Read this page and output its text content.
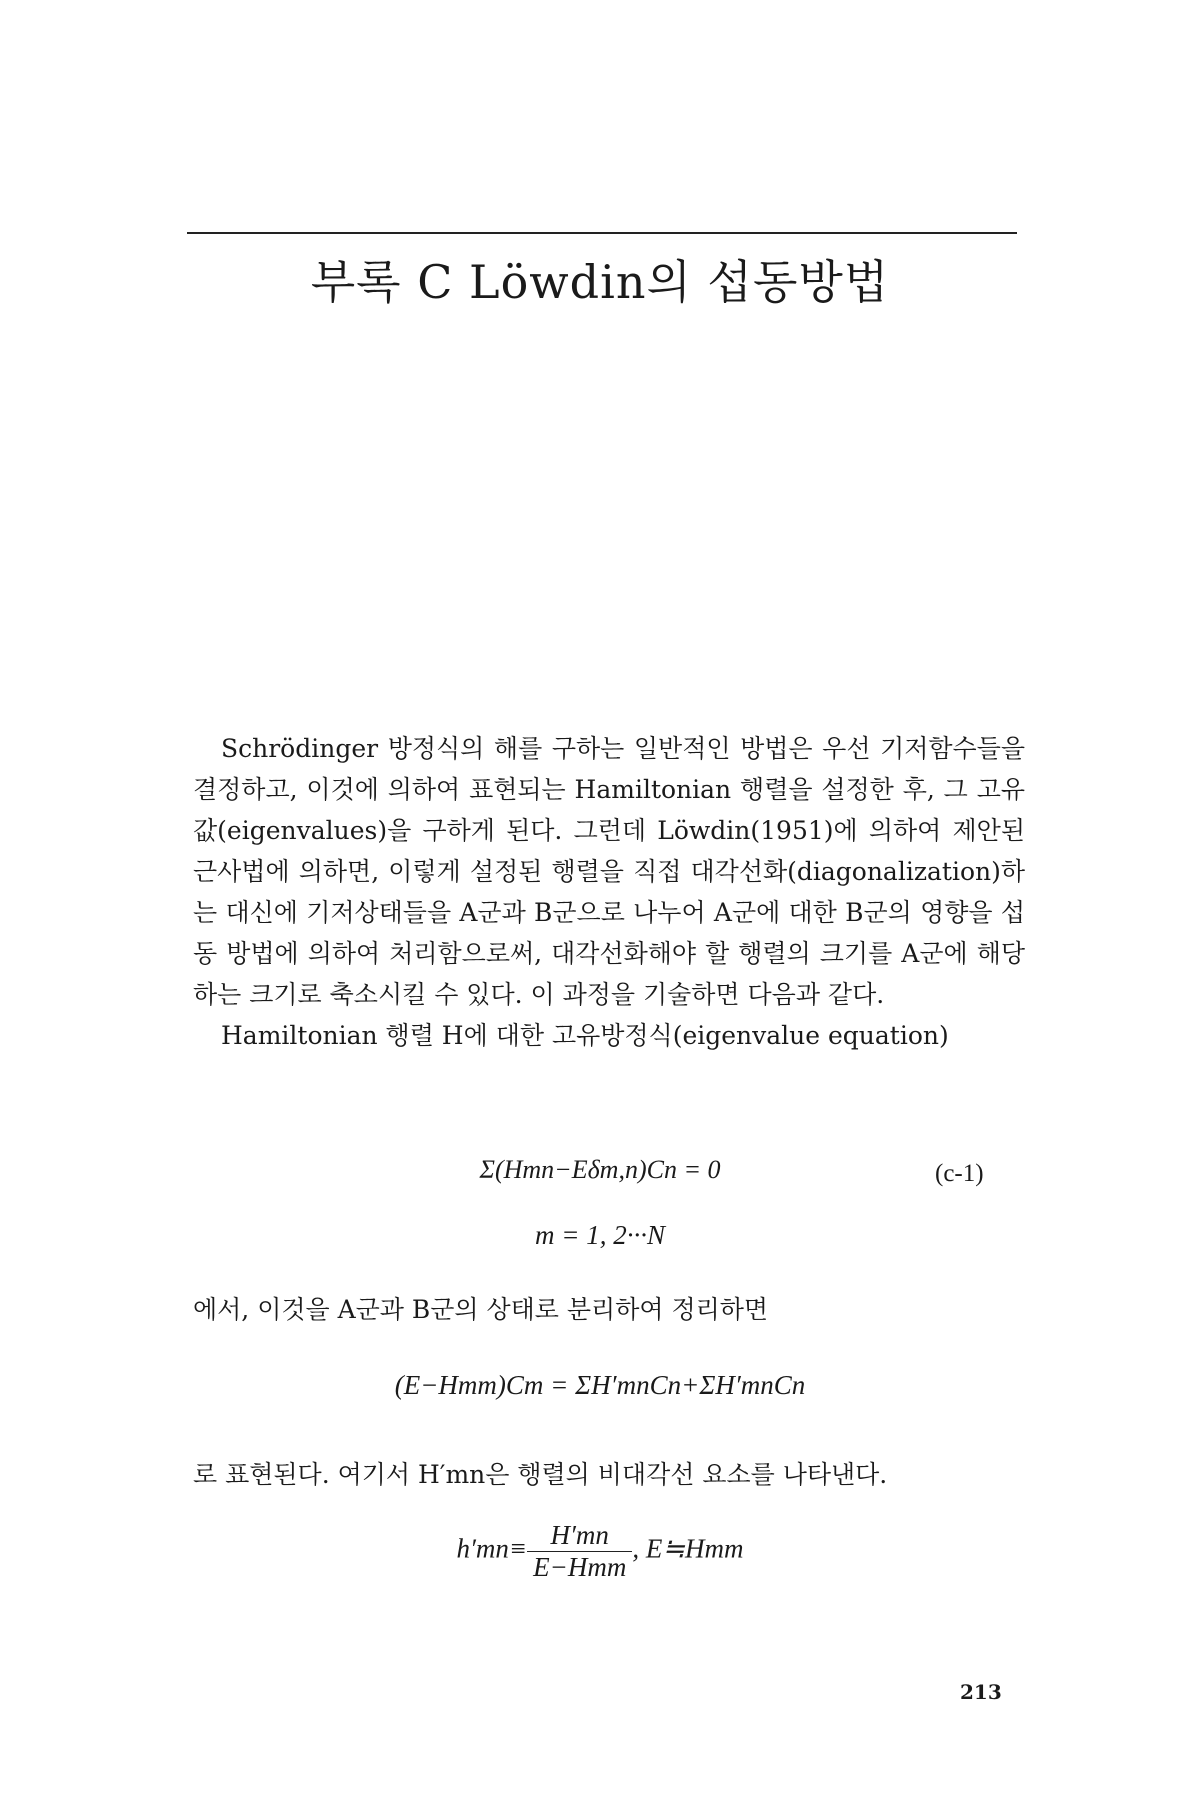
부록 C Löwdin의 섭동방법

Schrödinger 방정식의 해를 구하는 일반적인 방법은 우선 기저함수들을 결정하고, 이것에 의하여 표현되는 Hamiltonian 행렬을 설정한 후, 그 고유값(eigenvalues)을 구하게 된다. 그런데 Löwdin(1951)에 의하여 제안된 근사법에 의하면, 이렇게 설정된 행렬을 직접 대각선화(diagonalization)하는 대신에 기저상태들을 A군과 B군으로 나누어 A군에 대한 B군의 영향을 섭동 방법에 의하여 처리함으로써, 대각선화해야 할 행렬의 크기를 A군에 해당하는 크기로 축소시킬 수 있다. 이 과정을 기술하면 다음과 같다.

Hamiltonian 행렬 H에 대한 고유방정식(eigenvalue equation)

Σ(Hmn−Eδm,n)Cn = 0	(c-1)
m = 1, 2···N
에서, 이것을 A군과 B군의 상태로 분리하여 정리하면
(E−Hmm)Cm = ΣH′mnCn+ΣH′mnCn
로 표현된다. 여기서 H′mn은 행렬의 비대각선 요소를 나타낸다.
$h'mn\equiv \frac{H'mn}{\text{E−Hmm}}$ , E≒Hmm
213
